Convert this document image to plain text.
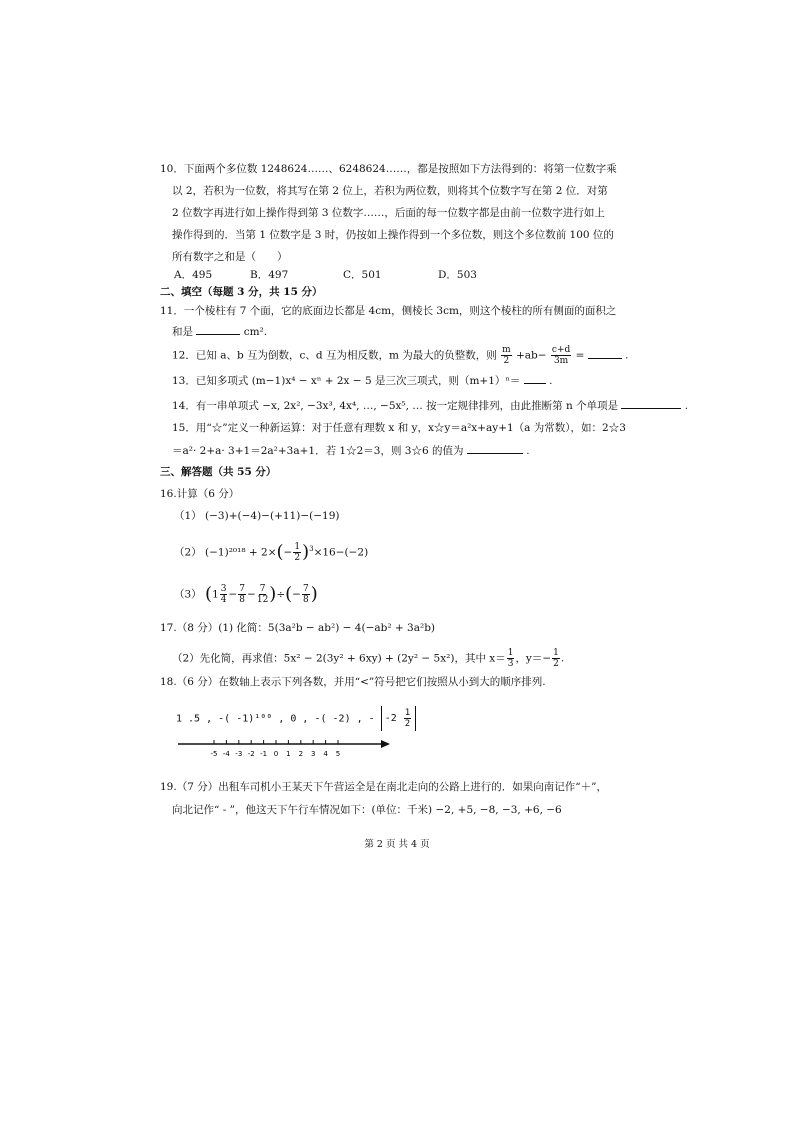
10．下面两个多位数 1248624……、6248624……，都是按照如下方法得到的：将第一位数字乘
以 2，若积为一位数，将其写在第 2 位上，若积为两位数，则将其个位数字写在第 2 位．对第
2 位数字再进行如上操作得到第 3 位数字……，后面的每一位数字都是由前一位数字进行如上
操作得到的．当第 1 位数字是 3 时，仍按如上操作得到一个多位数，则这个多位数前 100 位的
所有数字之和是（　　）
A．495	B．497	C．501	D．503
二、填空（每题 3 分，共 15 分）
11．一个棱柱有 7 个面，它的底面边长都是 4cm，侧棱长 3cm，则这个棱柱的所有侧面的面积之
和是	cm².
12．已知 a、b 互为倒数，c、d 互为相反数，m 为最大的负整数，则 $\frac{m}{2} +ab- \frac{c+d}{3m}$ =	.
13．已知多项式 (m−1)x⁴ − xⁿ + 2x − 5 是三次三项式，则（m+1）ⁿ＝	.
14．有一串单项式 −x, 2x², −3x³, 4x⁴, …, −5x⁵, … 按一定规律排列，由此推断第 n 个单项是	.
15．用“☆”定义一种新运算：对于任意有理数 x 和 y，x☆y＝a²x+ay+1（a 为常数），如：2☆3
＝a²· 2+a· 3+1＝2a²+3a+1．若 1☆2＝3，则 3☆6 的值为	.
三、解答题（共 55 分）
16.计算（6 分）
（1） (−3)+(−4)−(+11)−(−19)
（2） $(-1)^{2018} + 2\times(- \frac{1}{2} )^3\times 16-(-2)$
（3） ($1 \frac{3}{4} - \frac{7}{8} - \frac{7}{12}$ )÷(− $\frac{7}{8}$ )
17.（8 分）(1) 化简：5(3a²b − ab²) − 4(−ab² + 3a²b)
（2）先化简，再求值：5x² − 2(3y² + 6xy) + (2y² − 5x²)，其中 $x= \frac{1}{3}$ ，$y=- \frac{1}{2}$ .
18.（6 分）在数轴上表示下列各数，并用“<”符号把它们按照从小到大的顺序排列.
1 .5 , -( -1)¹⁰⁰ , 0 , -( -2) , - -2
$\frac{1}{2}$
-5 -4 -3 -2 -1 0 1 2 3 4 5
19.（7 分）出租车司机小王某天下午营运全是在南北走向的公路上进行的．如果向南记作“＋”，
向北记作“ - ”，他这天下午行车情况如下：(单位：千米) −2, +5, −8, −3, +6, −6
第 2 页 共 4 页
